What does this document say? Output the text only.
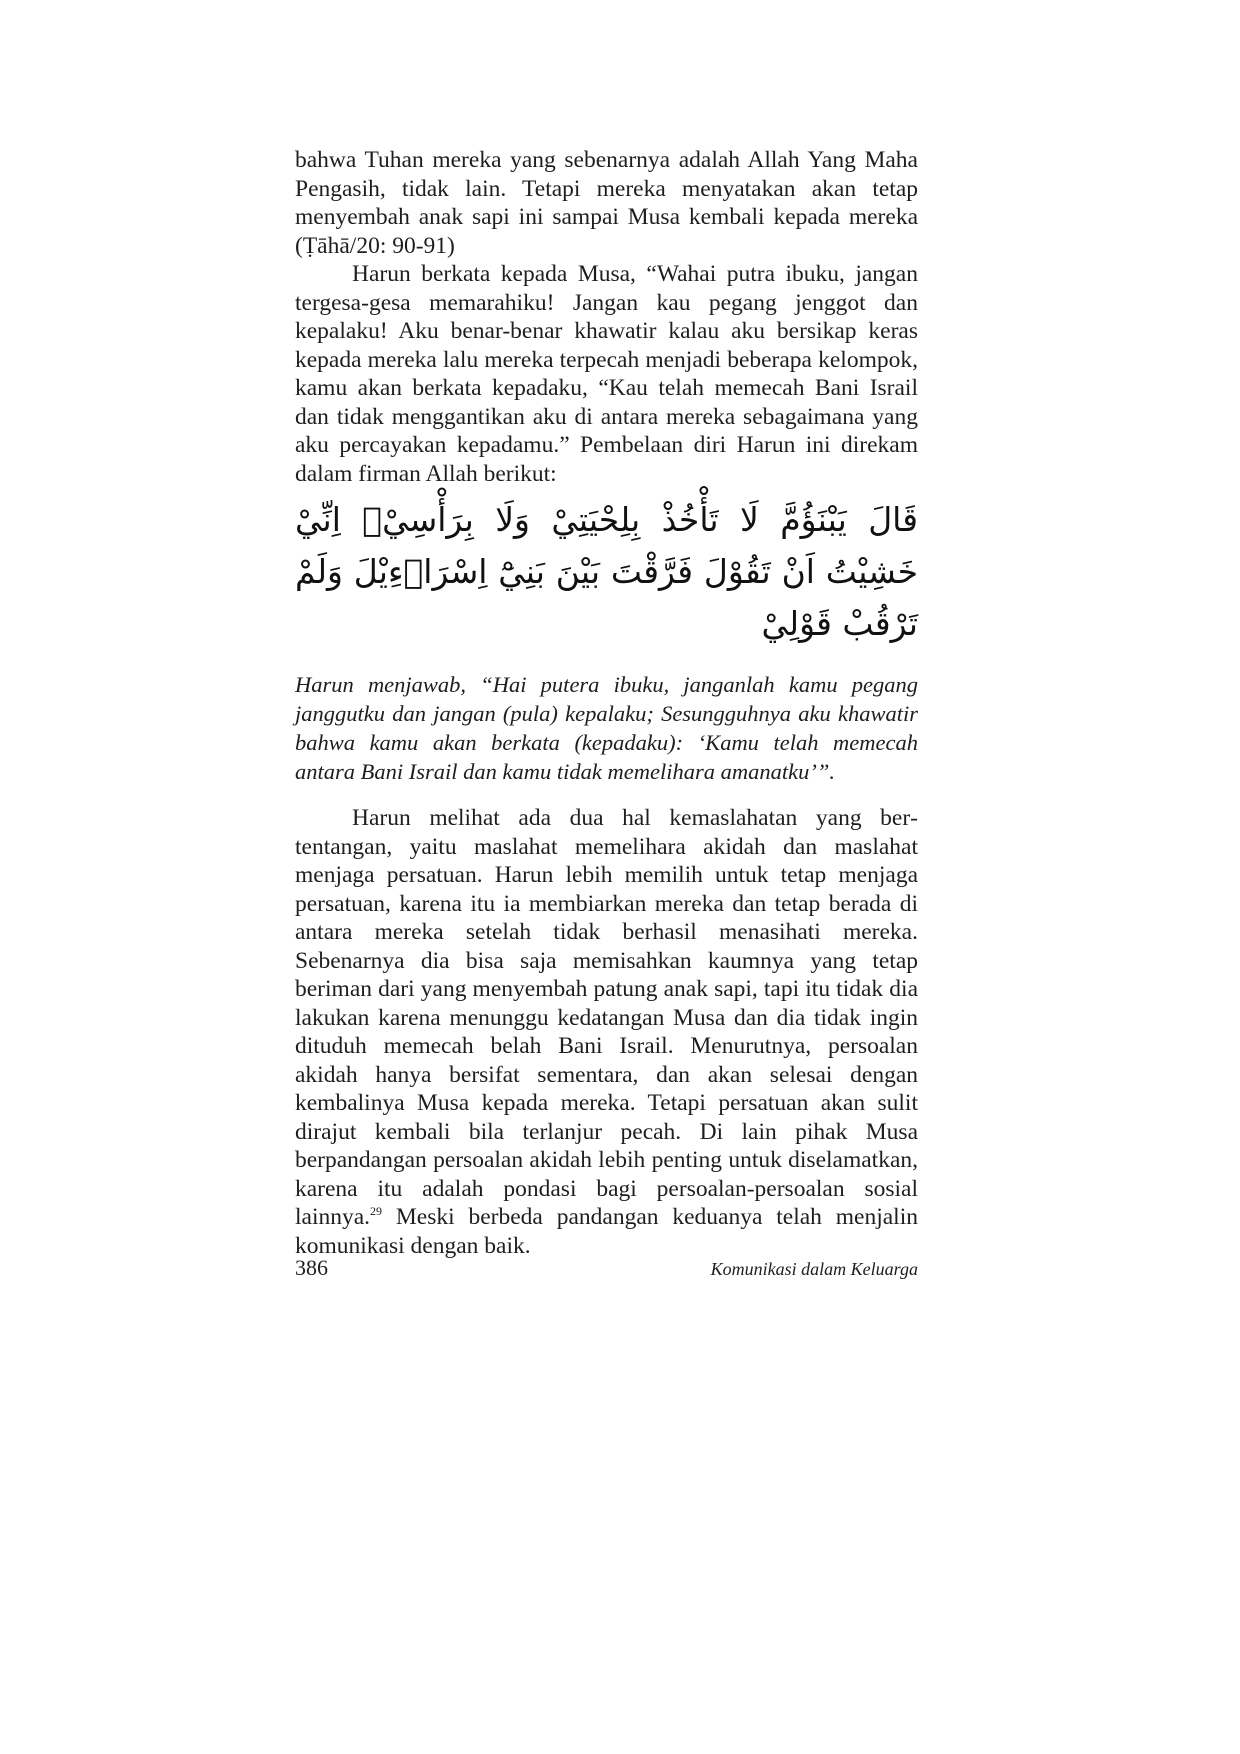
bahwa Tuhan mereka yang sebenarnya adalah Allah Yang Maha Pengasih, tidak lain. Tetapi mereka menyatakan akan tetap menyembah anak sapi ini sampai Musa kembali kepada mereka (Ṭāhā/20: 90-91)

Harun berkata kepada Musa, “Wahai putra ibuku, jangan tergesa-gesa memarahiku! Jangan kau pegang jenggot dan kepalaku! Aku benar-benar khawatir kalau aku bersikap keras kepada mereka lalu mereka terpecah menjadi beberapa kelompok, kamu akan berkata kepadaku, “Kau telah memecah Bani Israil dan tidak menggantikan aku di antara mereka sebagaimana yang aku percayakan kepadamu.” Pembelaan diri Harun ini direkam dalam firman Allah berikut:

قَالَ يَبْنَؤُمَّ لَا تَأْخُذْ بِلِحْيَتِيْ وَلَا بِرَأْسِيْۚ اِنِّيْ خَشِيْتُ اَنْ تَقُوْلَ فَرَّقْتَ بَيْنَ بَنِيْٓ اِسْرَاۤءِيْلَ وَلَمْ تَرْقُبْ قَوْلِيْ

Harun menjawab, “Hai putera ibuku, janganlah kamu pegang janggutku dan jangan (pula) kepalaku; Sesungguhnya aku khawatir bahwa kamu akan berkata (kepadaku): ‘Kamu telah memecah antara Bani Israil dan kamu tidak memelihara amanatku’”.

Harun melihat ada dua hal kemaslahatan yang bertentangan, yaitu maslahat memelihara akidah dan maslahat menjaga persatuan. Harun lebih memilih untuk tetap menjaga persatuan, karena itu ia membiarkan mereka dan tetap berada di antara mereka setelah tidak berhasil menasihati mereka. Sebenarnya dia bisa saja memisahkan kaumnya yang tetap beriman dari yang menyembah patung anak sapi, tapi itu tidak dia lakukan karena menunggu kedatangan Musa dan dia tidak ingin dituduh memecah belah Bani Israil. Menurutnya, persoalan akidah hanya bersifat sementara, dan akan selesai dengan kembalinya Musa kepada mereka. Tetapi persatuan akan sulit dirajut kembali bila terlanjur pecah. Di lain pihak Musa berpandangan persoalan akidah lebih penting untuk diselamatkan, karena itu adalah pondasi bagi persoalan-persoalan sosial lainnya.$^{29}$ Meski berbeda pandangan keduanya telah menjalin komunikasi dengan baik.

386	Komunikasi dalam Keluarga
